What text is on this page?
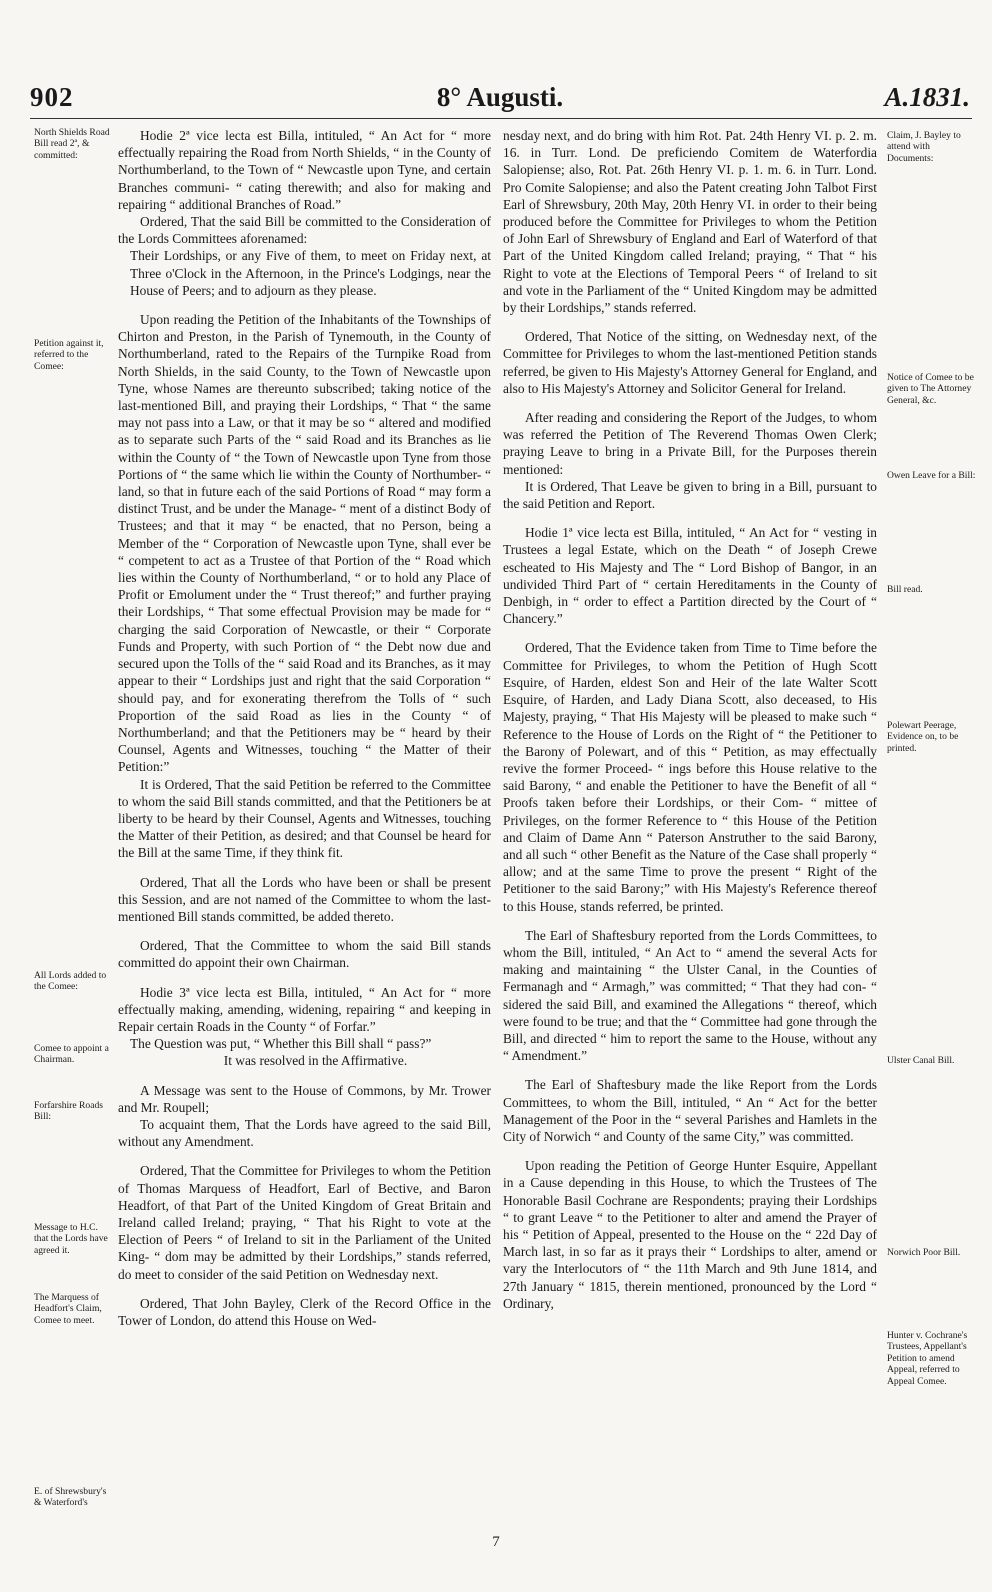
902	8° Augusti.	A.1831.
North Shields Road Bill read 2ª, & committed:
Petition against it, referred to the Comee:
All Lords added to the Comee:
Comee to appoint a Chairman.
Forfarshire Roads Bill:
Message to H.C. that the Lords have agreed it.
The Marquess of Headfort's Claim, Comee to meet.
E. of Shrewsbury's & Waterford's
Claim, J. Bayley to attend with Documents:
Notice of Comee to be given to The Attorney General, &c.
Owen Leave for a Bill:
Bill read.
Polewart Peerage, Evidence on, to be printed.
Ulster Canal Bill.
Norwich Poor Bill.
Hunter v. Cochrane's Trustees, Appellant's Petition to amend Appeal, referred to Appeal Comee.

Hodie 2ª vice lecta est Billa, intituled, “ An Act for “ more effectually repairing the Road from North Shields, “ in the County of Northumberland, to the Town of “ Newcastle upon Tyne, and certain Branches communi- “ cating therewith; and also for making and repairing “ additional Branches of Road.”

Ordered, That the said Bill be committed to the Consideration of the Lords Committees aforenamed:

Their Lordships, or any Five of them, to meet on Friday next, at Three o'Clock in the Afternoon, in the Prince's Lodgings, near the House of Peers; and to adjourn as they please.

Upon reading the Petition of the Inhabitants of the Townships of Chirton and Preston, in the Parish of Tynemouth, in the County of Northumberland, rated to the Repairs of the Turnpike Road from North Shields, in the said County, to the Town of Newcastle upon Tyne, whose Names are thereunto subscribed; taking notice of the last-mentioned Bill, and praying their Lordships, “ That “ the same may not pass into a Law, or that it may be so “ altered and modified as to separate such Parts of the “ said Road and its Branches as lie within the County of “ the Town of Newcastle upon Tyne from those Portions of “ the same which lie within the County of Northumber- “ land, so that in future each of the said Portions of Road “ may form a distinct Trust, and be under the Manage- “ ment of a distinct Body of Trustees; and that it may “ be enacted, that no Person, being a Member of the “ Corporation of Newcastle upon Tyne, shall ever be “ competent to act as a Trustee of that Portion of the “ Road which lies within the County of Northumberland, “ or to hold any Place of Profit or Emolument under the “ Trust thereof;” and further praying their Lordships, “ That some effectual Provision may be made for “ charging the said Corporation of Newcastle, or their “ Corporate Funds and Property, with such Portion of “ the Debt now due and secured upon the Tolls of the “ said Road and its Branches, as it may appear to their “ Lordships just and right that the said Corporation “ should pay, and for exonerating therefrom the Tolls of “ such Proportion of the said Road as lies in the County “ of Northumberland; and that the Petitioners may be “ heard by their Counsel, Agents and Witnesses, touching “ the Matter of their Petition:”

It is Ordered, That the said Petition be referred to the Committee to whom the said Bill stands committed, and that the Petitioners be at liberty to be heard by their Counsel, Agents and Witnesses, touching the Matter of their Petition, as desired; and that Counsel be heard for the Bill at the same Time, if they think fit.

Ordered, That all the Lords who have been or shall be present this Session, and are not named of the Committee to whom the last-mentioned Bill stands committed, be added thereto.

Ordered, That the Committee to whom the said Bill stands committed do appoint their own Chairman.

Hodie 3ª vice lecta est Billa, intituled, “ An Act for “ more effectually making, amending, widening, repairing “ and keeping in Repair certain Roads in the County “ of Forfar.”

The Question was put, “ Whether this Bill shall “ pass?”

It was resolved in the Affirmative.

A Message was sent to the House of Commons, by Mr. Trower and Mr. Roupell;

To acquaint them, That the Lords have agreed to the said Bill, without any Amendment.

Ordered, That the Committee for Privileges to whom the Petition of Thomas Marquess of Headfort, Earl of Bective, and Baron Headfort, of that Part of the United Kingdom of Great Britain and Ireland called Ireland; praying, “ That his Right to vote at the Election of Peers “ of Ireland to sit in the Parliament of the United King- “ dom may be admitted by their Lordships,” stands referred, do meet to consider of the said Petition on Wednesday next.

Ordered, That John Bayley, Clerk of the Record Office in the Tower of London, do attend this House on Wed-

nesday next, and do bring with him Rot. Pat. 24th Henry VI. p. 2. m. 16. in Turr. Lond. De preficiendo Comitem de Waterfordia Salopiense; also, Rot. Pat. 26th Henry VI. p. 1. m. 6. in Turr. Lond. Pro Comite Salopiense; and also the Patent creating John Talbot First Earl of Shrewsbury, 20th May, 20th Henry VI. in order to their being produced before the Committee for Privileges to whom the Petition of John Earl of Shrewsbury of England and Earl of Waterford of that Part of the United Kingdom called Ireland; praying, “ That “ his Right to vote at the Elections of Temporal Peers “ of Ireland to sit and vote in the Parliament of the “ United Kingdom may be admitted by their Lordships,” stands referred.

Ordered, That Notice of the sitting, on Wednesday next, of the Committee for Privileges to whom the last-mentioned Petition stands referred, be given to His Majesty's Attorney General for England, and also to His Majesty's Attorney and Solicitor General for Ireland.

After reading and considering the Report of the Judges, to whom was referred the Petition of The Reverend Thomas Owen Clerk; praying Leave to bring in a Private Bill, for the Purposes therein mentioned:

It is Ordered, That Leave be given to bring in a Bill, pursuant to the said Petition and Report.

Hodie 1ª vice lecta est Billa, intituled, “ An Act for “ vesting in Trustees a legal Estate, which on the Death “ of Joseph Crewe escheated to His Majesty and The “ Lord Bishop of Bangor, in an undivided Third Part of “ certain Hereditaments in the County of Denbigh, in “ order to effect a Partition directed by the Court of “ Chancery.”

Ordered, That the Evidence taken from Time to Time before the Committee for Privileges, to whom the Petition of Hugh Scott Esquire, of Harden, eldest Son and Heir of the late Walter Scott Esquire, of Harden, and Lady Diana Scott, also deceased, to His Majesty, praying, “ That His Majesty will be pleased to make such “ Reference to the House of Lords on the Right of “ the Petitioner to the Barony of Polewart, and of this “ Petition, as may effectually revive the former Proceed- “ ings before this House relative to the said Barony, “ and enable the Petitioner to have the Benefit of all “ Proofs taken before their Lordships, or their Com- “ mittee of Privileges, on the former Reference to “ this House of the Petition and Claim of Dame Ann “ Paterson Anstruther to the said Barony, and all such “ other Benefit as the Nature of the Case shall properly “ allow; and at the same Time to prove the present “ Right of the Petitioner to the said Barony;” with His Majesty's Reference thereof to this House, stands referred, be printed.

The Earl of Shaftesbury reported from the Lords Committees, to whom the Bill, intituled, “ An Act to “ amend the several Acts for making and maintaining “ the Ulster Canal, in the Counties of Fermanagh and “ Armagh,” was committed; “ That they had con- “ sidered the said Bill, and examined the Allegations “ thereof, which were found to be true; and that the “ Committee had gone through the Bill, and directed “ him to report the same to the House, without any “ Amendment.”

The Earl of Shaftesbury made the like Report from the Lords Committees, to whom the Bill, intituled, “ An “ Act for the better Management of the Poor in the “ several Parishes and Hamlets in the City of Norwich “ and County of the same City,” was committed.

Upon reading the Petition of George Hunter Esquire, Appellant in a Cause depending in this House, to which the Trustees of The Honorable Basil Cochrane are Respondents; praying their Lordships “ to grant Leave “ to the Petitioner to alter and amend the Prayer of his “ Petition of Appeal, presented to the House on the “ 22d Day of March last, in so far as it prays their “ Lordships to alter, amend or vary the Interlocutors of “ the 11th March and 9th June 1814, and 27th January “ 1815, therein mentioned, pronounced by the Lord “ Ordinary,

7
